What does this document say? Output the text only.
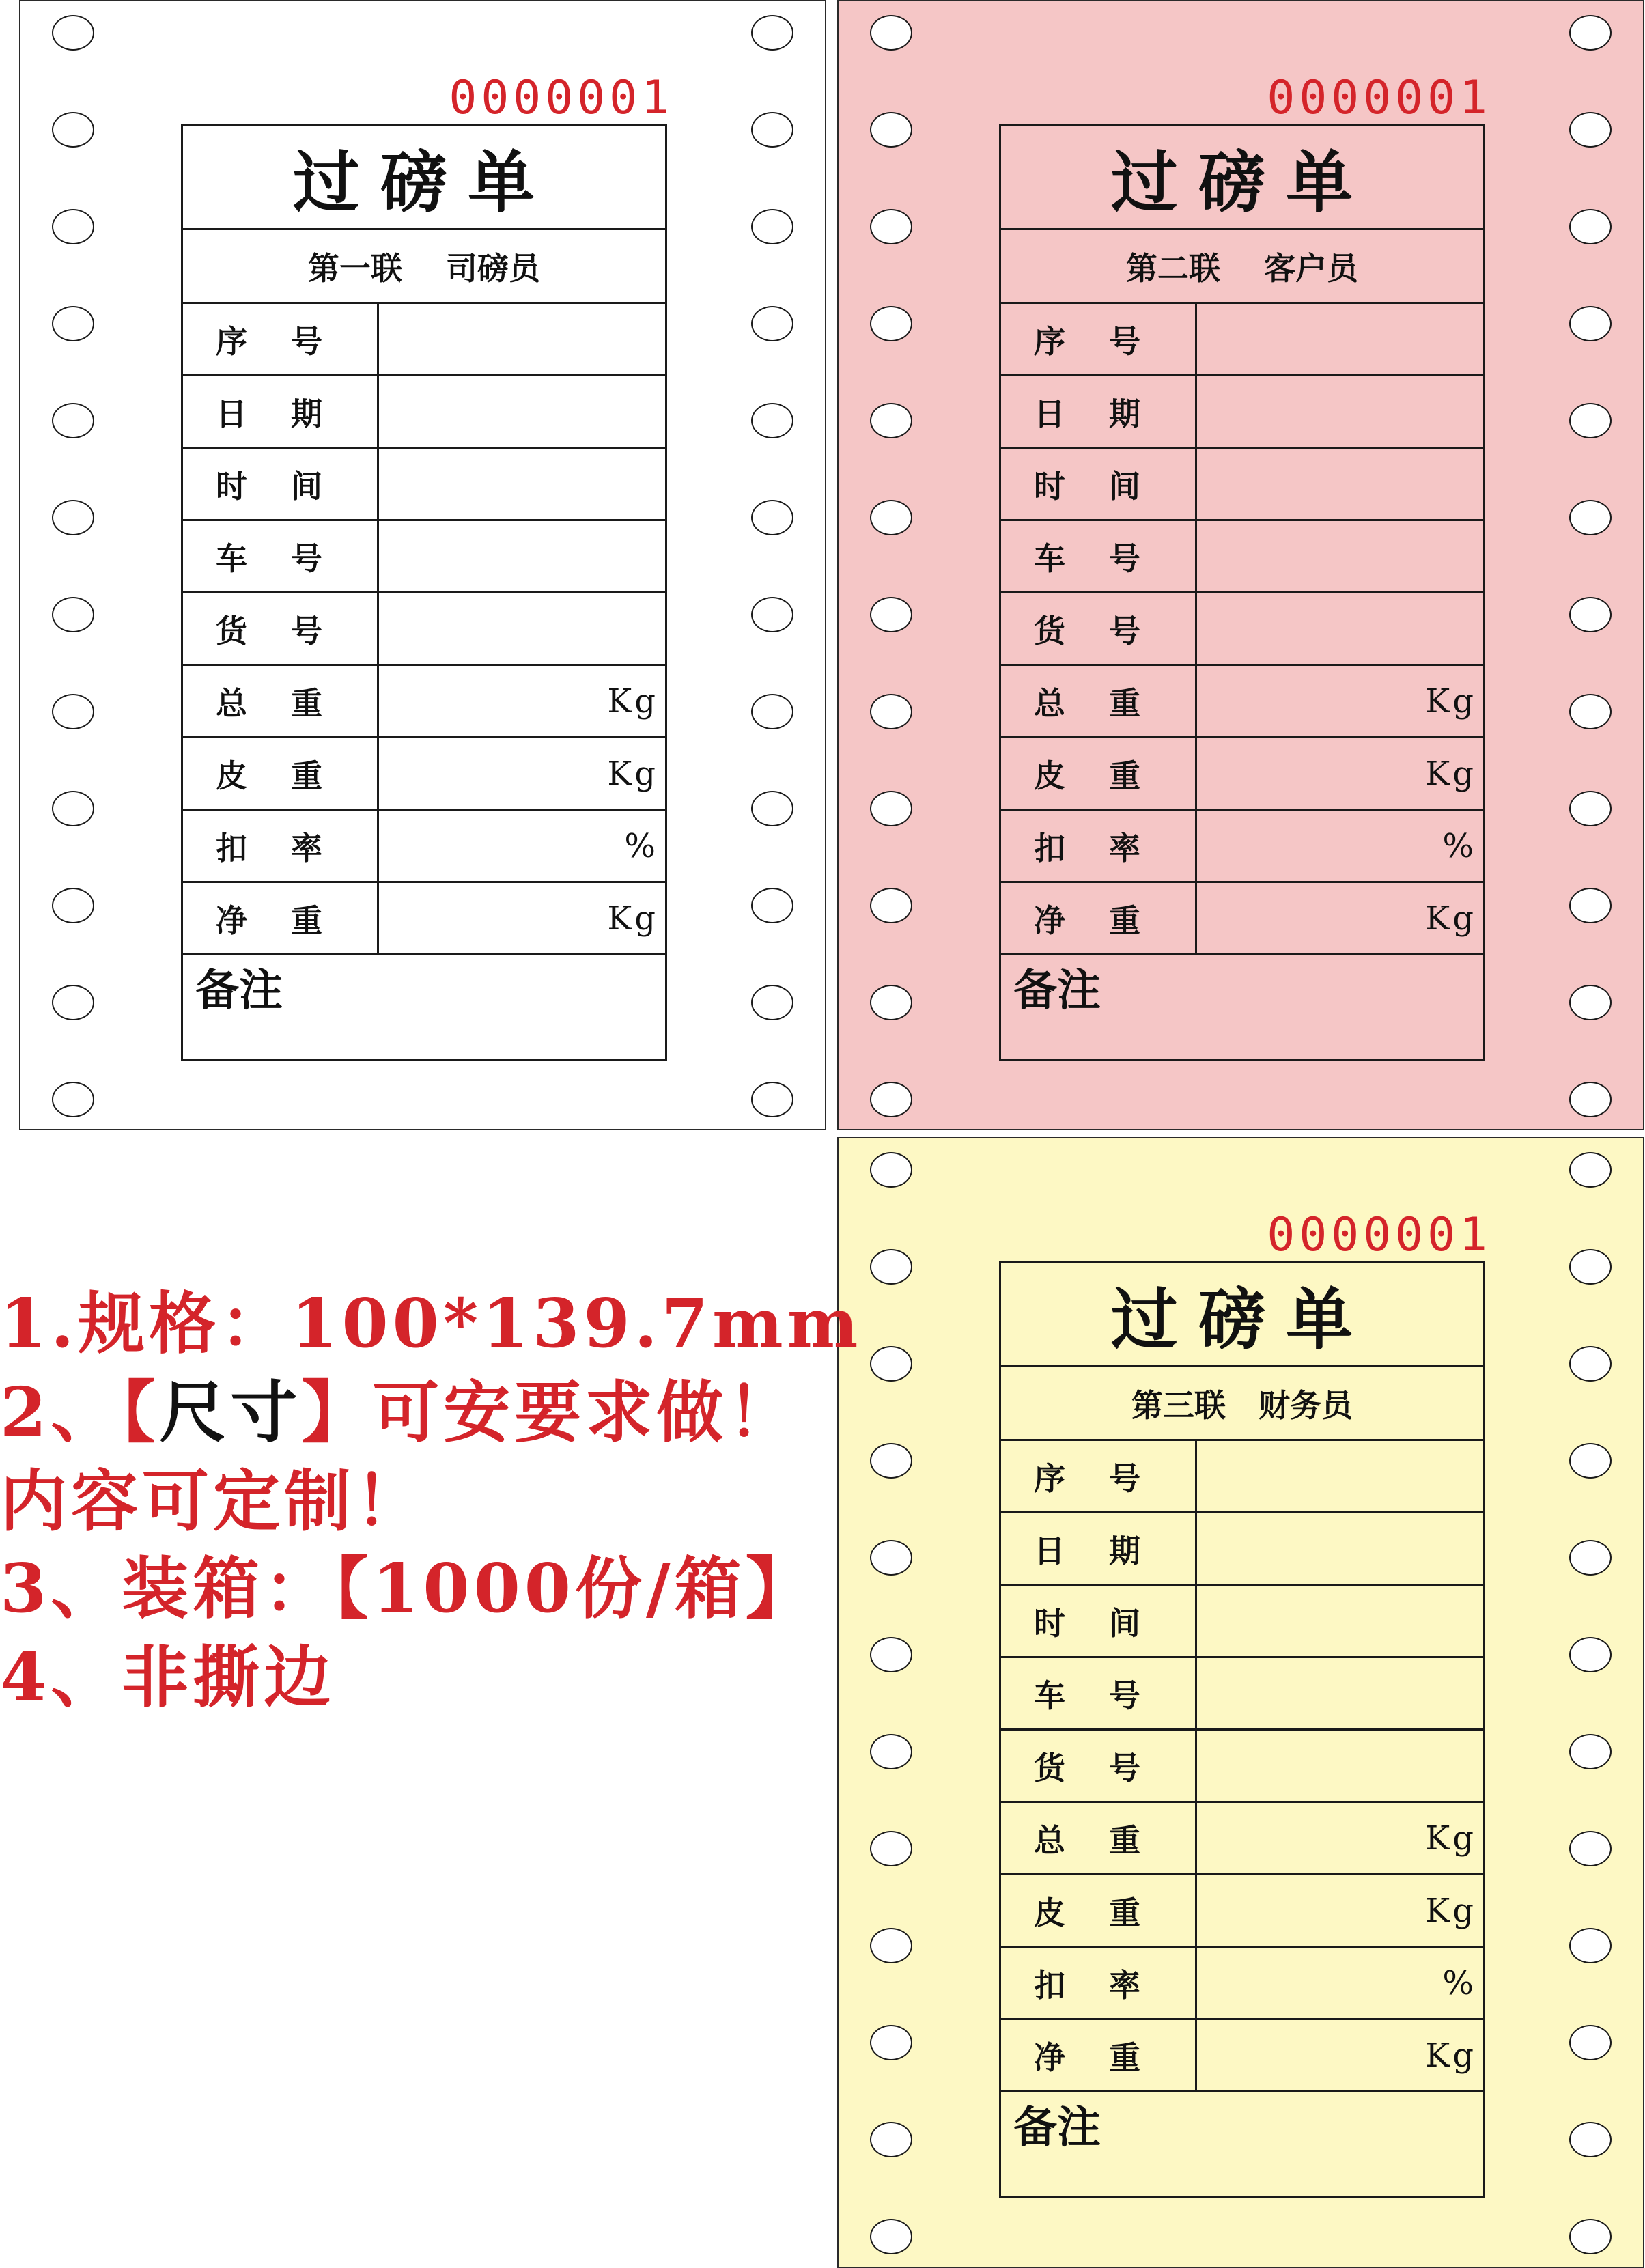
0000001
过磅单
第一联    司磅员
备注
序    号
日    期
时    间
车    号
货    号
总    重	Kg
皮    重	Kg
扣    率	%
净    重	Kg
0000001
过磅单
第二联    客户员
备注
序    号
日    期
时    间
车    号
货    号
总    重	Kg
皮    重	Kg
扣    率	%
净    重	Kg
0000001
过磅单
第三联   财务员
备注
序    号
日    期
时    间
车    号
货    号
总    重	Kg
皮    重	Kg
扣    率	%
净    重	Kg
1.规格：100*139.7mm
2、【尺寸】可安要求做！
内容可定制！
3、装箱：【1000份/箱】
4、非撕边
